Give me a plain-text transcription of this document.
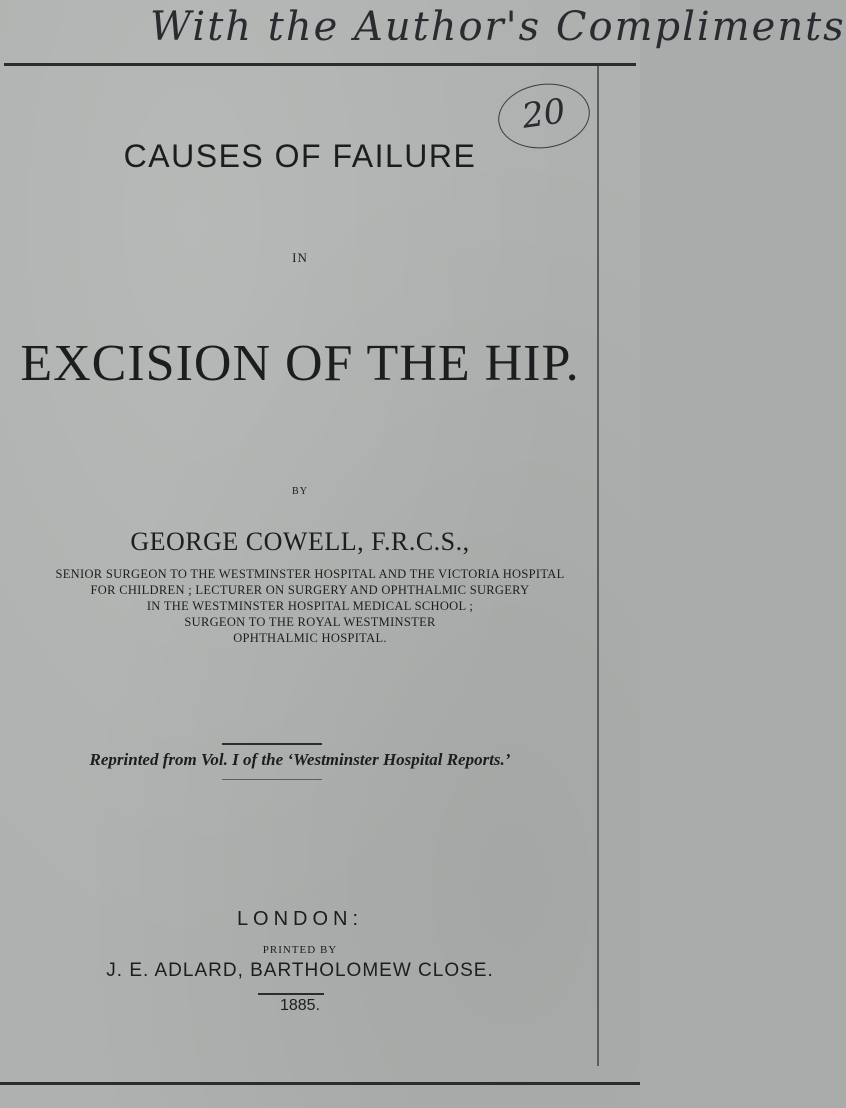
With the Author's Compliments
20
CAUSES OF FAILURE
IN
EXCISION OF THE HIP.
BY
GEORGE COWELL, F.R.C.S.,
SENIOR SURGEON TO THE WESTMINSTER HOSPITAL AND THE VICTORIA HOSPITAL
FOR CHILDREN ; LECTURER ON SURGERY AND OPHTHALMIC SURGERY
IN THE WESTMINSTER HOSPITAL MEDICAL SCHOOL ;
SURGEON TO THE ROYAL WESTMINSTER
OPHTHALMIC HOSPITAL.
Reprinted from Vol. I of the ‘Westminster Hospital Reports.’
LONDON:
PRINTED BY
J. E. ADLARD, BARTHOLOMEW CLOSE.
1885.
